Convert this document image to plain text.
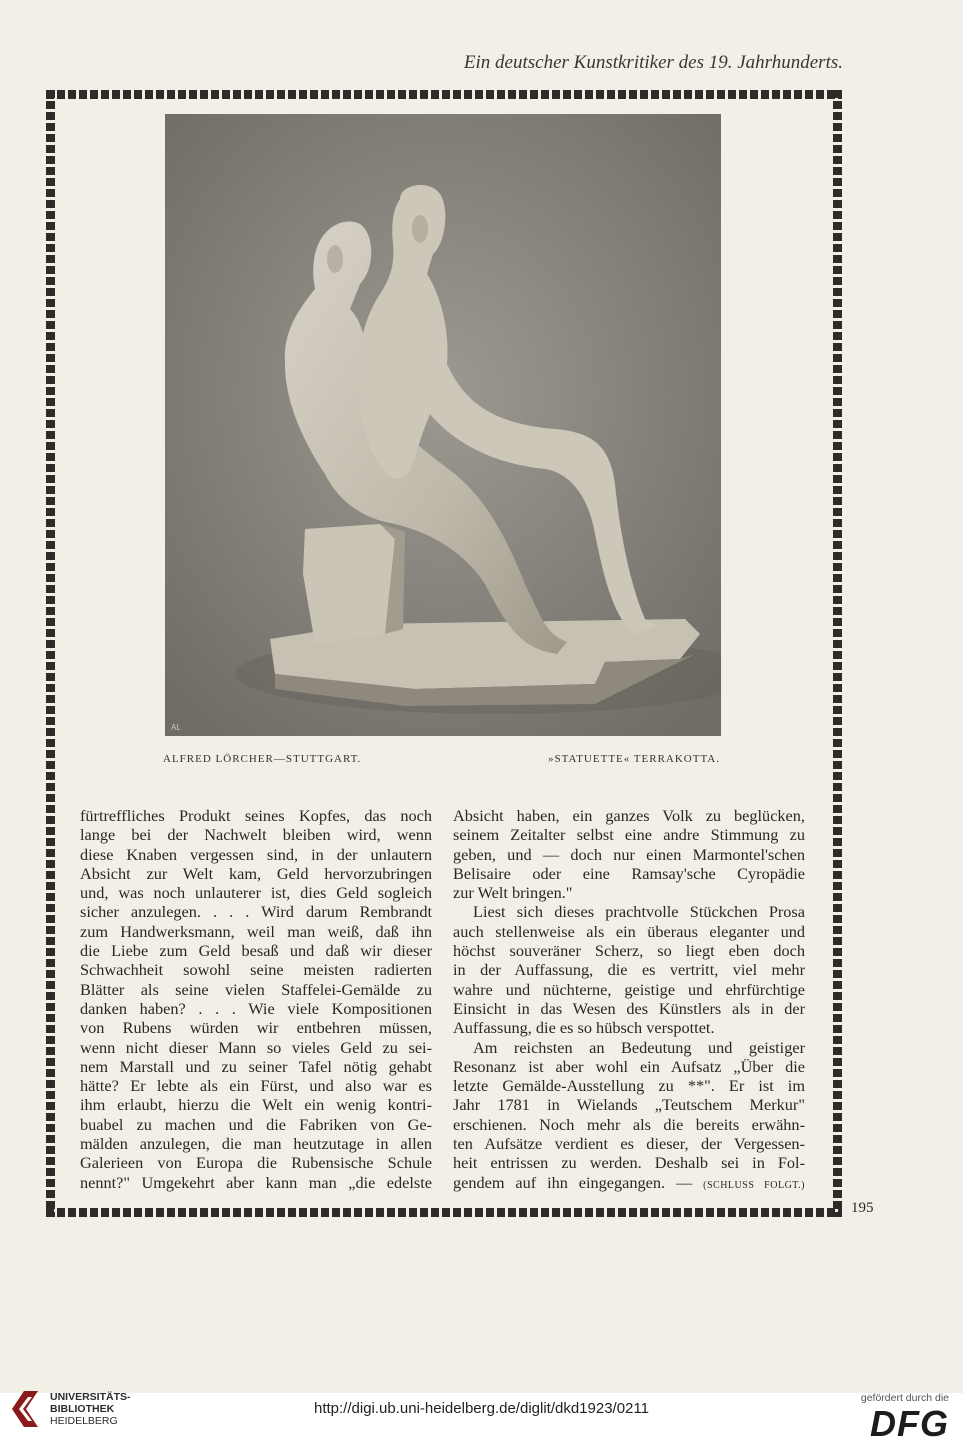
Ein deutscher Kunstkritiker des 19. Jahrhunderts.
AL
ALFRED LÖRCHER—STUTTGART.	»STATUETTE« TERRAKOTTA.
fürtreffliches Produkt seines Kopfes, das noch
lange bei der Nachwelt bleiben wird, wenn
diese Knaben vergessen sind, in der unlautern
Absicht zur Welt kam, Geld hervorzubringen
und, was noch unlauterer ist, dies Geld sogleich
sicher anzulegen. . . . Wird darum Rembrandt
zum Handwerksmann, weil man weiß, daß ihn
die Liebe zum Geld besaß und daß wir dieser
Schwachheit sowohl seine meisten radierten
Blätter als seine vielen Staffelei-Gemälde zu
danken haben? . . . Wie viele Kompositionen
von Rubens würden wir entbehren müssen,
wenn nicht dieser Mann so vieles Geld zu sei-
nem Marstall und zu seiner Tafel nötig gehabt
hätte? Er lebte als ein Fürst, und also war es
ihm erlaubt, hierzu die Welt ein wenig kontri-
buabel zu machen und die Fabriken von Ge-
mälden anzulegen, die man heutzutage in allen
Galerieen von Europa die Rubensische Schule
nennt?" Umgekehrt aber kann man „die edelste
Absicht haben, ein ganzes Volk zu beglücken,
seinem Zeitalter selbst eine andre Stimmung zu
geben, und — doch nur einen Marmontel'schen
Belisaire oder eine Ramsay'sche Cyropädie
zur Welt bringen."
Liest sich dieses prachtvolle Stückchen Prosa
auch stellenweise als ein überaus eleganter und
höchst souveräner Scherz, so liegt eben doch
in der Auffassung, die es vertritt, viel mehr
wahre und nüchterne, geistige und ehrfürchtige
Einsicht in das Wesen des Künstlers als in der
Auffassung, die es so hübsch verspottet.
Am reichsten an Bedeutung und geistiger
Resonanz ist aber wohl ein Aufsatz „Über die
letzte Gemälde-Ausstellung zu **". Er ist im
Jahr 1781 in Wielands „Teutschem Merkur"
erschienen. Noch mehr als die bereits erwähn-
ten Aufsätze verdient es dieser, der Vergessen-
heit entrissen zu werden. Deshalb sei in Fol-
gendem auf ihn eingegangen. — (SCHLUSS FOLGT.)
195
UNIVERSITÄTS-
BIBLIOTHEK
HEIDELBERG
http://digi.ub.uni-heidelberg.de/diglit/dkd1923/0211
gefördert durch die
DFG
